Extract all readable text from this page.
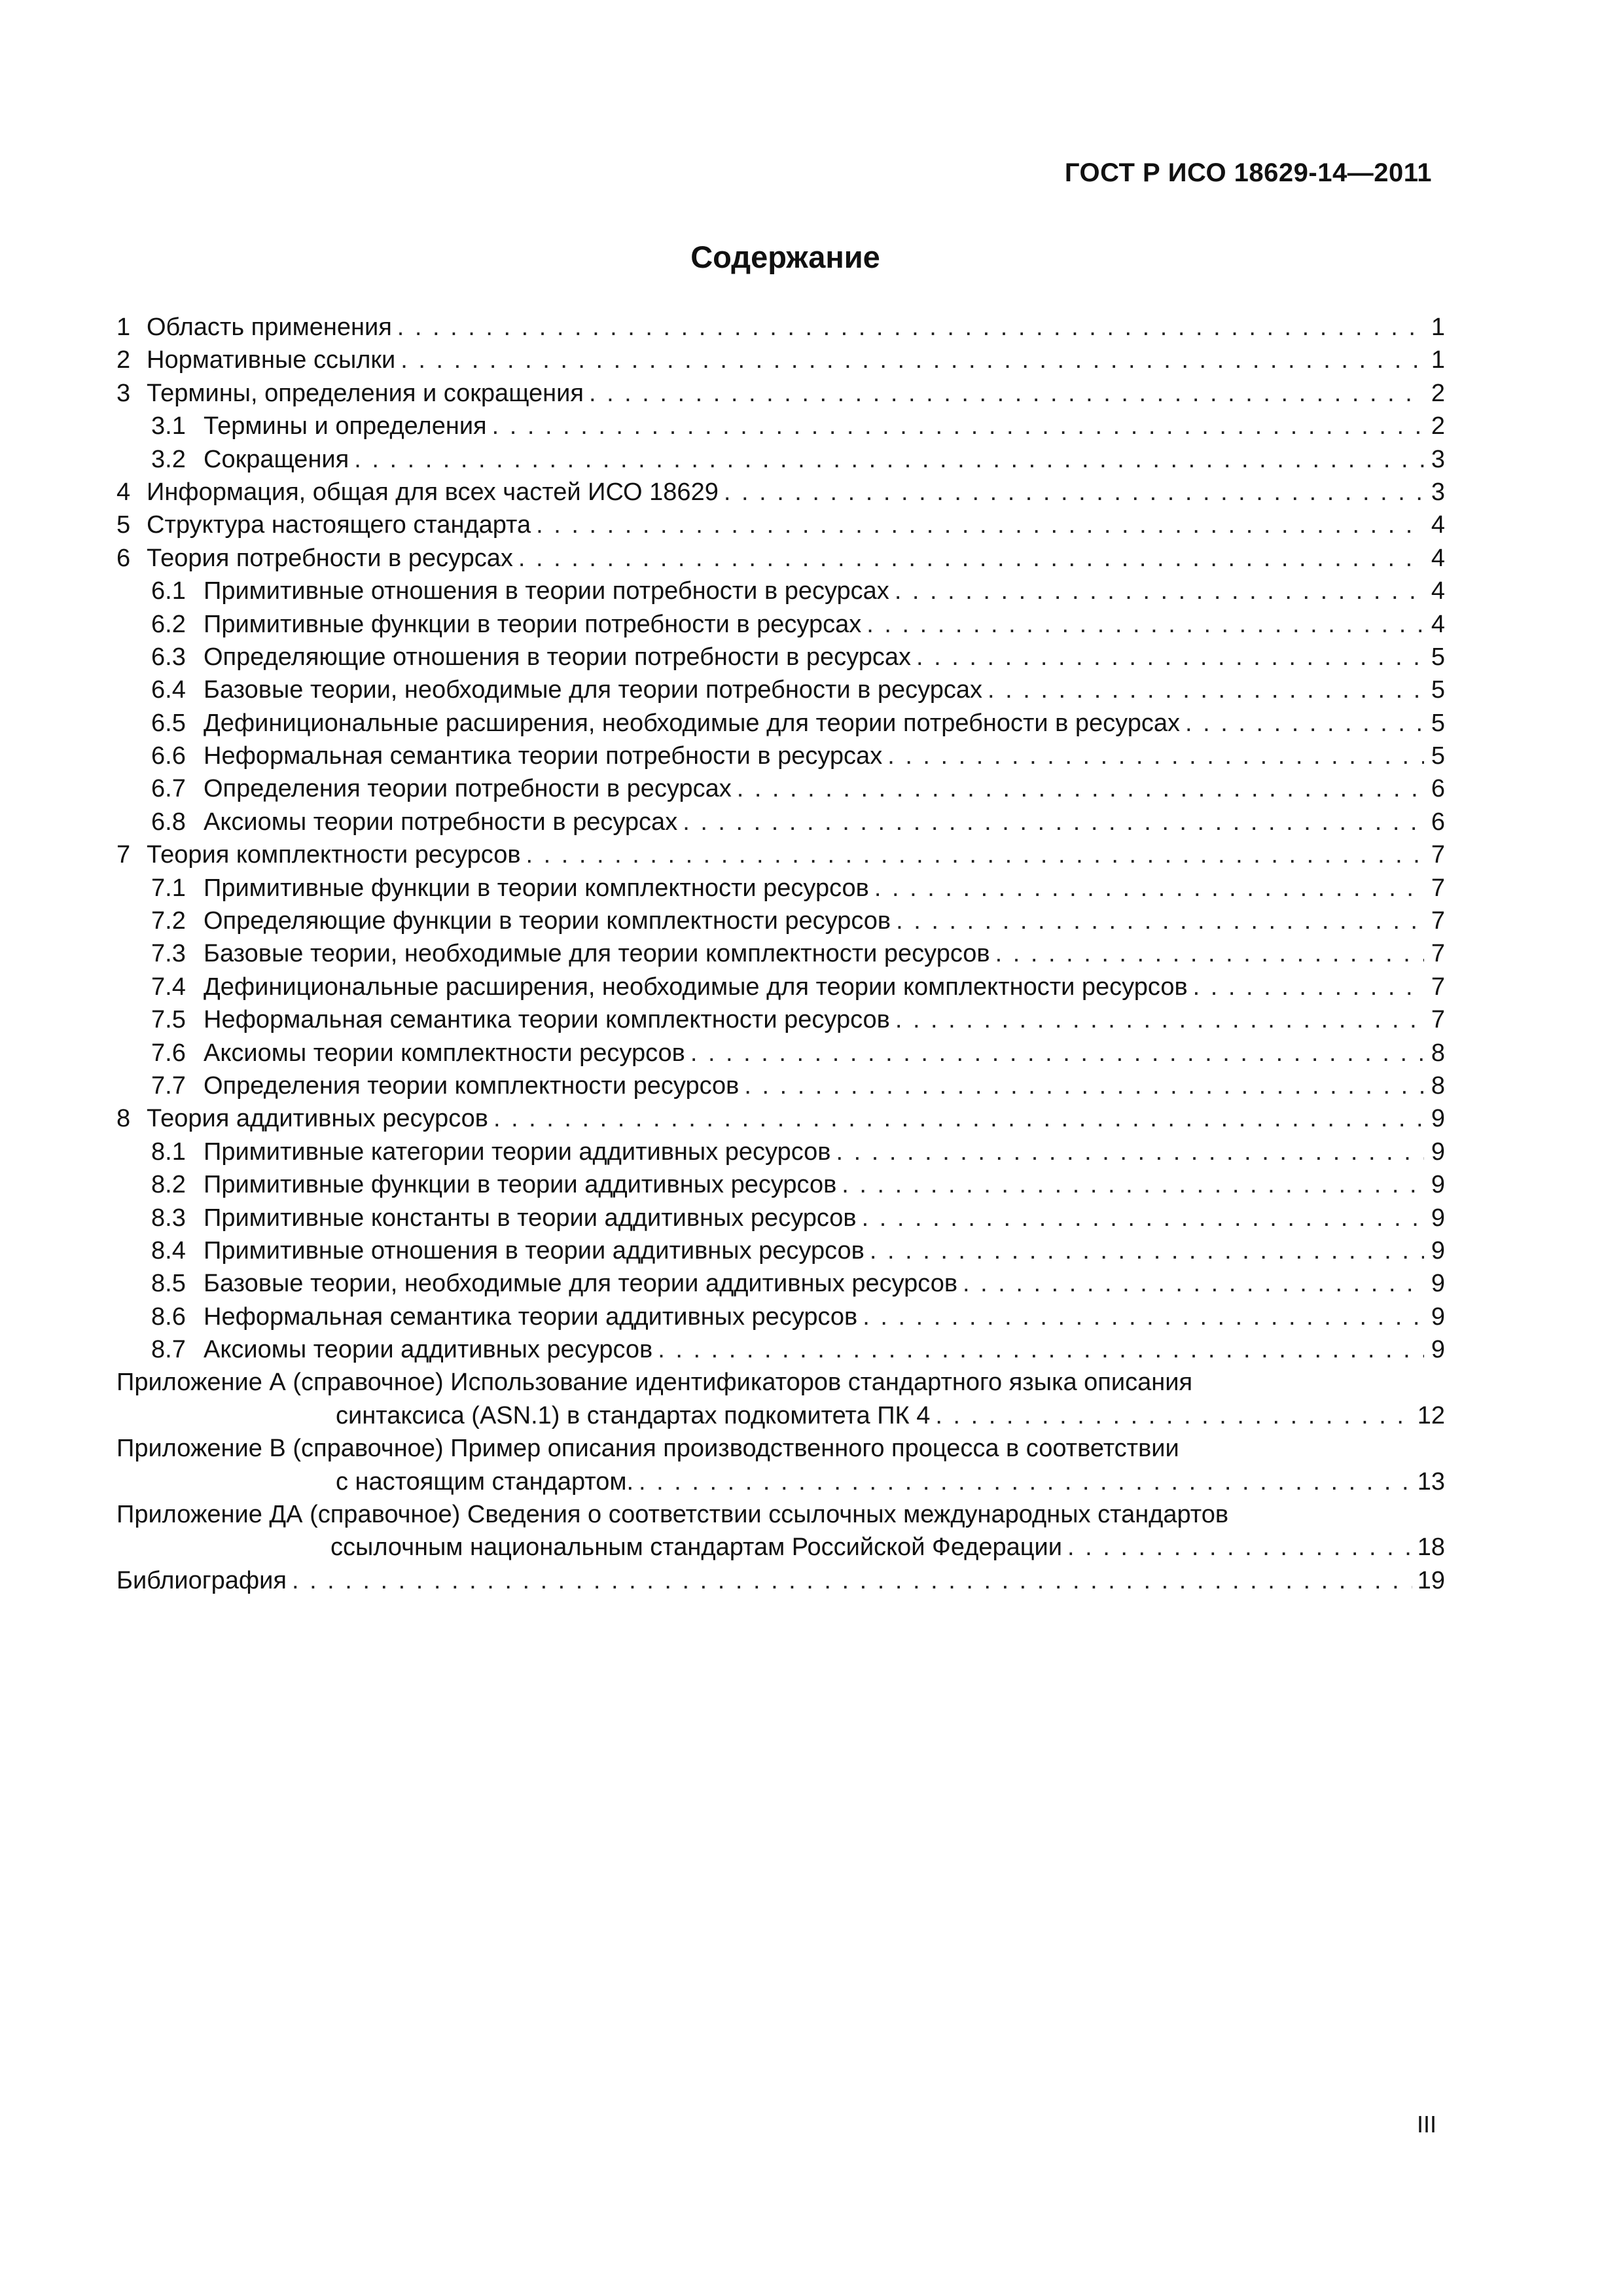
ГОСТ Р ИСО 18629-14—2011
Содержание
1 Область применения . . .	1
2 Нормативные ссылки . . .	1
3 Термины, определения и сокращения . . .	2
3.1 Термины и определения . . .	2
3.2 Сокращения . . .	3
4 Информация, общая для всех частей ИСО 18629 . . .	3
5 Структура настоящего стандарта . . .	4
6 Теория потребности в ресурсах . . .	4
6.1 Примитивные отношения в теории потребности в ресурсах . . .	4
6.2 Примитивные функции в теории потребности в ресурсах . . .	4
6.3 Определяющие отношения в теории потребности в ресурсах . . .	5
6.4 Базовые теории, необходимые для теории потребности в ресурсах . . .	5
6.5 Дефинициональные расширения, необходимые для теории потребности в ресурсах . . .	5
6.6 Неформальная семантика теории потребности в ресурсах . . .	5
6.7 Определения теории потребности в ресурсах . . .	6
6.8 Аксиомы теории потребности в ресурсах . . .	6
7 Теория комплектности ресурсов . . .	7
7.1 Примитивные функции в теории комплектности ресурсов . . .	7
7.2 Определяющие функции в теории комплектности ресурсов . . .	7
7.3 Базовые теории, необходимые для теории комплектности ресурсов . . .	7
7.4 Дефинициональные расширения, необходимые для теории комплектности ресурсов . . .	7
7.5 Неформальная семантика теории комплектности ресурсов . . .	7
7.6 Аксиомы теории комплектности ресурсов . . .	8
7.7 Определения теории комплектности ресурсов . . .	8
8 Теория аддитивных ресурсов . . .	9
8.1 Примитивные категории теории аддитивных ресурсов . . .	9
8.2 Примитивные функции в теории аддитивных ресурсов . . .	9
8.3 Примитивные константы в теории аддитивных ресурсов . . .	9
8.4 Примитивные отношения в теории аддитивных ресурсов . . .	9
8.5 Базовые теории, необходимые для теории аддитивных ресурсов . . .	9
8.6 Неформальная семантика теории аддитивных ресурсов . . .	9
8.7 Аксиомы теории аддитивных ресурсов . . .	9
Приложение А (справочное) Использование идентификаторов стандартного языка описания
синтаксиса (ASN.1) в стандартах подкомитета ПК 4 . . .	12
Приложение В (справочное) Пример описания производственного процесса в соответствии
с настоящим стандартом. . . .	13
Приложение ДА (справочное) Сведения о соответствии ссылочных международных стандартов
ссылочным национальным стандартам Российской Федерации . . .	18
Библиография . . .	19
III
